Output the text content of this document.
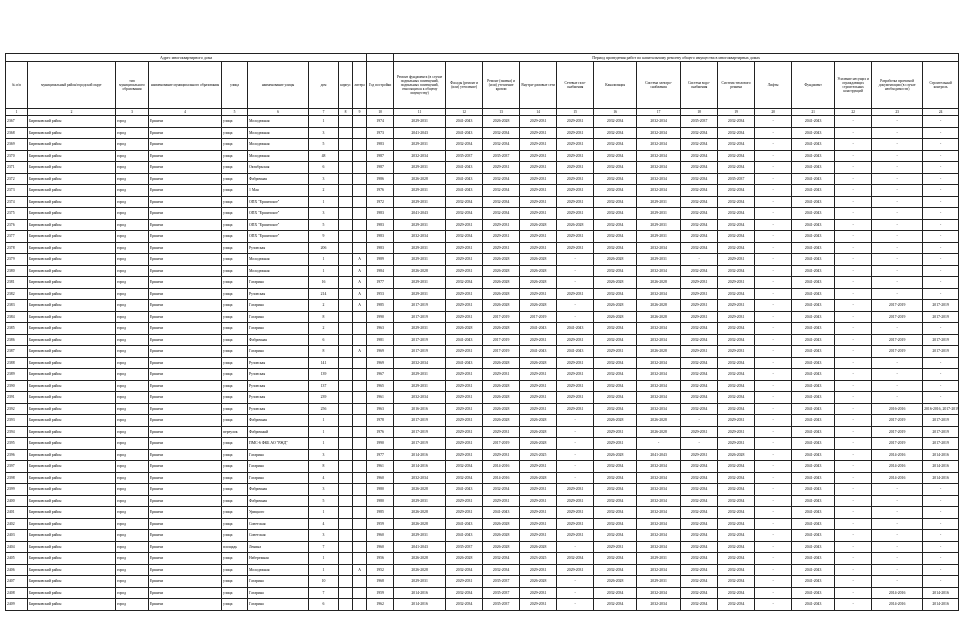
Адрес многоквартирного дома										Период проведения работ по капитальному ремонту общего имущества в многоквартирных домах													
№ п/п	муниципальный район/городской округ	тип муниципального образования	наименование муниципального образования	улица	наименование улицы	дом	корпус	литера	Год постройки	Ремонт фундамента (в случае подвальных помещений, подвальных помещений, относящихся к общему имуществу)	Фасады (ремонт и (или) утепление)	Ремонт (замена) и (или) утепление кровли	Внутри-домовые сети	Сетевые газо-снабжения	Канализация	Система электро-снабжения	Система водо-снабжения	Система теплового режима	Лифты	Фундамент	Усиление несущих и ограждающих строительных конструкций	Разработка проектной документации (в случае необходимости)	Строительный контроль
1	2	3	4	5	6	7	8	9	10	11	12	13	14	15	16	17	18	19	20	21	22	23	24
2367	Бирюковский район	город	Ершичи	улица	Молодежная	1			1974	2029-2031	2041-2043	2026-2028	2029-2031	2029-2031	2032-2034	2032-2034	2035-2037	2032-2034	-	2041-2043	-	-	-
2368	Бирюковский район	город	Ершичи	улица	Молодежная	3			1973	2041-2043	2041-2043	2032-2034	2029-2031	2029-2031	2032-2034	2032-2034	2032-2034	2032-2034	-	2041-2043	-	-	-
2369	Бирюковский район	город	Ершичи	улица	Молодежная	5			1983	2029-2031	2032-2034	2032-2034	2029-2031	2029-2031	2032-2034	2032-2034	2032-2034	2032-2034	-	2041-2043	-	-	-
2370	Бирюковский район	город	Ершичи	улица	Молодежная	48			1987	2032-2034	2035-2037	2035-2037	2029-2031	2029-2031	2032-2034	2032-2034	2032-2034	2032-2034	-	2041-2043	-	-	-
2371	Бирюковский район	город	Ершичи	улица	Октябрьская	6			1987	2029-2031	2041-2043	2029-2031	2029-2031	2029-2031	2032-2034	2032-2034	2032-2034	2032-2034	-	2041-2043	-	-	-
2372	Бирюковский район	город	Ершичи	улица	Фабричная	3			1986	2026-2028	2041-2043	2032-2034	2029-2031	2029-2031	2032-2034	2032-2034	2032-2034	2035-2037	-	2041-2043	-	-	-
2373	Бирюковский район	город	Ершичи	улица	1 Мая	2			1976	2029-2031	2041-2043	2032-2034	2029-2031	2029-2031	2032-2034	2032-2034	2032-2034	2032-2034	-	2041-2043	-	-	-
2374	Бирюковский район	город	Ершичи	улица	ОПХ "Ершичское"	1			1972	2029-2031	2032-2034	2032-2034	2029-2031	2029-2031	2032-2034	2029-2031	2032-2034	2032-2034	-	2041-2043	-	-	-
2375	Бирюковский район	город	Ершичи	улица	ОПХ "Ершичское"	3			1983	2041-2043	2032-2034	2032-2034	2029-2031	2029-2031	2032-2034	2029-2031	2032-2034	2032-2034	-	2041-2043	-	-	-
2376	Бирюковский район	город	Ершичи	улица	ОПХ "Ершичское"	5			1983	2029-2031	2029-2031	2029-2031	2026-2028	2026-2028	2032-2034	2029-2031	2032-2034	2032-2034	-	2041-2043	-	-	-
2377	Бирюковский район	город	Ершичи	улица	ОПХ "Ершичское"	9			1983	2032-2034	2032-2034	2029-2031	2029-2031	2029-2031	2032-2034	2029-2031	2032-2034	2032-2034	-	2041-2043	-	-	-
2378	Бирюковский район	город	Ершичи	улица	Рузовская	206			1983	2029-2031	2029-2031	2029-2031	2029-2031	2029-2031	2032-2034	2032-2034	2032-2034	2032-2034	-	2041-2043	-	-	-
2379	Бирюковский район	город	Ершичи	улица	Молодежная	1		А	1989	2029-2031	2029-2031	2026-2028	2026-2028	-	2026-2028	2029-2031	-	2029-2031	-	2041-2043	-	-	-
2380	Бирюковский район	город	Ершичи	улица	Молодежная	1		А	1984	2026-2028	2029-2031	2026-2028	2026-2028	-	2032-2034	2032-2034	2032-2034	2032-2034	-	2041-2043	-	-	-
2381	Бирюковский район	город	Ершичи	улица	Гагарина	16		А	1977	2029-2031	2032-2034	2026-2028	2026-2028	-	2026-2028	2026-2028	2029-2031	2029-2031	-	2041-2043	-	-	-
2382	Бирюковский район	город	Ершичи	улица	Рузовская	214		А	1953	2029-2031	2029-2031	2026-2028	2029-2031	2029-2031	2032-2034	2032-2034	2029-2031	2032-2034	-	2041-2043	-	-	-
2383	Бирюковский район	город	Ершичи	улица	Гагарина	2		А	1985	2017-2019	2029-2031	2026-2028	2026-2028	-	2026-2028	2026-2028	2029-2031	2029-2031	-	2041-2043	-	2017-2019	2017-2019
2384	Бирюковский район	город	Ершичи	улица	Гагарина	8			1990	2017-2019	2029-2031	2017-2019	2017-2019	-	2026-2028	2026-2028	2029-2031	2029-2031	-	2041-2043	-	2017-2019	2017-2019
2385	Бирюковский район	город	Ершичи	улица	Гагарина	2			1963	2029-2031	2026-2028	2026-2028	2041-2043	2041-2043	2032-2034	2032-2034	2032-2034	2032-2034	-	2041-2043	-	-	-
2386	Бирюковский район	город	Ершичи	улица	Фабричная	6			1981	2017-2019	2041-2043	2017-2019	2029-2031	2029-2031	2032-2034	2032-2034	2032-2034	2032-2034	-	2041-2043	-	2017-2019	2017-2019
2387	Бирюковский район	город	Ершичи	улица	Гагарина	8		А	1969	2017-2019	2029-2031	2017-2019	2041-2043	2041-2043	2029-2031	2026-2028	2029-2031	2029-2031	-	2041-2043	-	2017-2019	2017-2019
2388	Бирюковский район	город	Ершичи	улица	Рузовская	141			1969	2032-2034	2041-2043	2026-2028	2026-2028	2029-2031	2032-2034	2032-2034	2032-2034	2032-2034	-	2041-2043	-	-	-
2389	Бирюковский район	город	Ершичи	улица	Рузовская	139			1967	2029-2031	2029-2031	2029-2031	2029-2031	2029-2031	2032-2034	2032-2034	2032-2034	2032-2034	-	2041-2043	-	-	-
2390	Бирюковский район	город	Ершичи	улица	Рузовская	137			1965	2029-2031	2029-2031	2026-2028	2029-2031	2029-2031	2032-2034	2032-2034	2032-2034	2032-2034	-	2041-2043	-	-	-
2391	Бирюковский район	город	Ершичи	улица	Рузовская	239			1961	2032-2034	2029-2031	2026-2028	2029-2031	2029-2031	2032-2034	2032-2034	2032-2034	2032-2034	-	2041-2043	-	-	-
2392	Бирюковский район	город	Ершичи	улица	Рузовская	256			1963	2016-2016	2029-2031	2026-2028	2029-2031	2029-2031	2032-2034	2032-2034	2032-2034	2032-2034	-	2041-2043	-	2016-2016	2016-2016, 2017-2019
2393	Бирюковский район	город	Ершичи	улица	Фабричная	1			1978	2017-2019	2029-2031	2026-2028	2026-2028	-	2026-2028	2026-2028	-	2029-2031	-	2041-2043	-	2017-2019	2017-2019
2394	Бирюковский район	город	Ершичи	переулок	Фабричный	1			1976	2017-2019	2029-2031	2029-2031	2026-2028	-	2029-2031	2026-2028	2029-2031	2029-2031	-	2041-2043	-	2017-2019	2017-2019
2395	Бирюковский район	город	Ершичи	улица	ПМС-6 ФКБ АО "РЖД"	1			1990	2017-2019	2029-2031	2017-2019	2026-2028	-	2029-2031	-	-	2029-2031	-	2041-2043	-	2017-2019	2017-2019
2396	Бирюковский район	город	Ершичи	улица	Гагарина	3			1977	2014-2016	2029-2031	2029-2031	2023-2025	-	2026-2028	2041-2043	2029-2031	2026-2028	-	2041-2043	-	2014-2016	2014-2016
2397	Бирюковский район	город	Ершичи	улица	Гагарина	8			1961	2014-2016	2032-2034	2014-2016	2029-2031	-	2032-2034	2032-2034	2032-2034	2032-2034	-	2041-2043	-	2014-2016	2014-2016
2398	Бирюковский район	город	Ершичи	улица	Гагарина	4			1960	2032-2034	2032-2034	2014-2016	2026-2028	-	2032-2034	2032-2034	2032-2034	2032-2034	-	2041-2043	-	2014-2016	2014-2016
2399	Бирюковский район	город	Ершичи	улица	Фабричная	3			1980	2026-2028	2041-2043	2032-2034	2029-2031	2029-2031	2032-2034	2032-2034	2032-2034	2032-2034	-	2041-2043	-	-	-
2400	Бирюковский район	город	Ершичи	улица	Фабричная	5			1980	2029-2031	2029-2031	2029-2031	2029-2031	2029-2031	2032-2034	2032-2034	2032-2034	2032-2034	-	2041-2043	-	-	-
2401	Бирюковский район	город	Ершичи	улица	Урицкого	1			1985	2026-2028	2029-2031	2041-2043	2029-2031	2029-2031	2032-2034	2032-2034	2032-2034	2032-2034	-	2041-2043	-	-	-
2402	Бирюковский район	город	Ершичи	улица	Советская	4			1959	2026-2028	2041-2043	2026-2028	2029-2031	2029-2031	2032-2034	2032-2034	2032-2034	2032-2034	-	2041-2043	-	-	-
2403	Бирюковский район	город	Ершичи	улица	Советская	3			1960	2029-2031	2041-2043	2026-2028	2029-2031	2029-2031	2032-2034	2032-2034	2032-2034	2032-2034	-	2041-2043	-	-	-
2404	Бирюковский район	город	Ершичи	площадь	Ленина	7			1960	2041-2043	2035-2037	2026-2028	2026-2028	-	2029-2031	2032-2034	2032-2034	2032-2034	-	2041-2043	-	-	-
2405	Бирюковский район	город	Ершичи	улица	Набережная	1			1956	2026-2028	2026-2028	2032-2034	2023-2025	2032-2034	2032-2034	2029-2031	2032-2034	2032-2034	-	2041-2043	-	-	-
2406	Бирюковский район	город	Ершичи	улица	Молодежная	1		А	1952	2026-2028	2032-2034	2032-2034	2029-2031	2029-2031	2032-2034	2032-2034	2032-2034	2032-2034	-	2041-2043	-	-	-
2407	Бирюковский район	город	Ершичи	улица	Гагарина	10			1968	2029-2031	2029-2031	2035-2037	2026-2028	-	2026-2028	2029-2031	2032-2034	2032-2034	-	2041-2043	-	-	-
2408	Бирюковский район	город	Ершичи	улица	Гагарина	7			1959	2014-2016	2032-2034	2035-2037	2029-2031	-	2032-2034	2032-2034	2032-2034	2032-2034	-	2041-2043	-	2014-2016	2014-2016
2409	Бирюковский район	город	Ершичи	улица	Гагарина	6			1962	2014-2016	2032-2034	2035-2037	2029-2031	-	2032-2034	2032-2034	2032-2034	2032-2034	-	2041-2043	-	2014-2016	2014-2016
